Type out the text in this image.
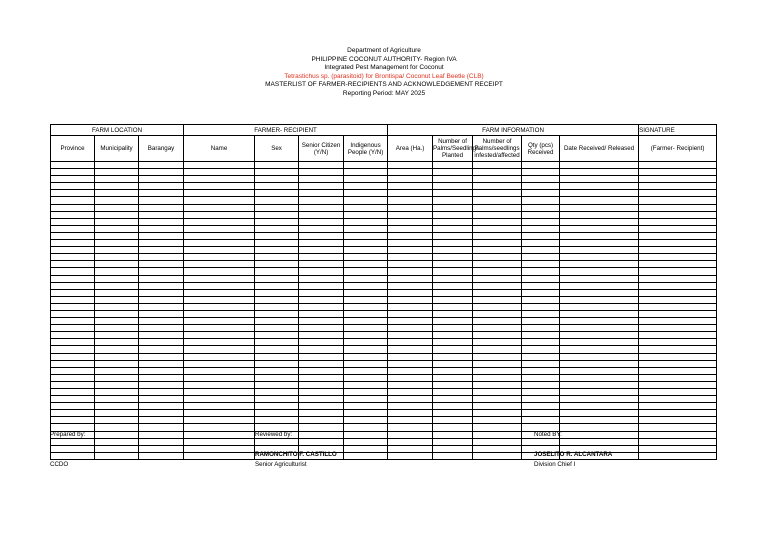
Department of Agriculture
PHILIPPINE COCONUT AUTHORITY- Region IVA
Integrated Pest Management for Coconut
Tetrastichus sp. (parasitoid) for Brontispa/ Coconut Leaf Beetle (CLB)
MASTERLIST OF FARMER-RECIPIENTS AND ACKNOWLEDGEMENT RECEIPT
Reporting Period: MAY 2025
FARM LOCATION			FARMER- RECIPIENT				FARM INFORMATION					SIGNATURE
Province	Municipality	Barangay	Name	Sex	Senior Citizen (Y/N)	Indigenous People (Y/N)	Area (Ha.)	Number of Palms/Seedlings Planted	Number of Palms/seedlings infested/affected	Qty (pcs) Received	Date Received/ Released	(Farmer- Recipient)

Prepared by:
CCDO
Reviewed by:
RAMONCHITO F. CASTILLO
Senior Agriculturist
Noted BY:
JOSELITO R. ALCANTARA
Division Chief I
